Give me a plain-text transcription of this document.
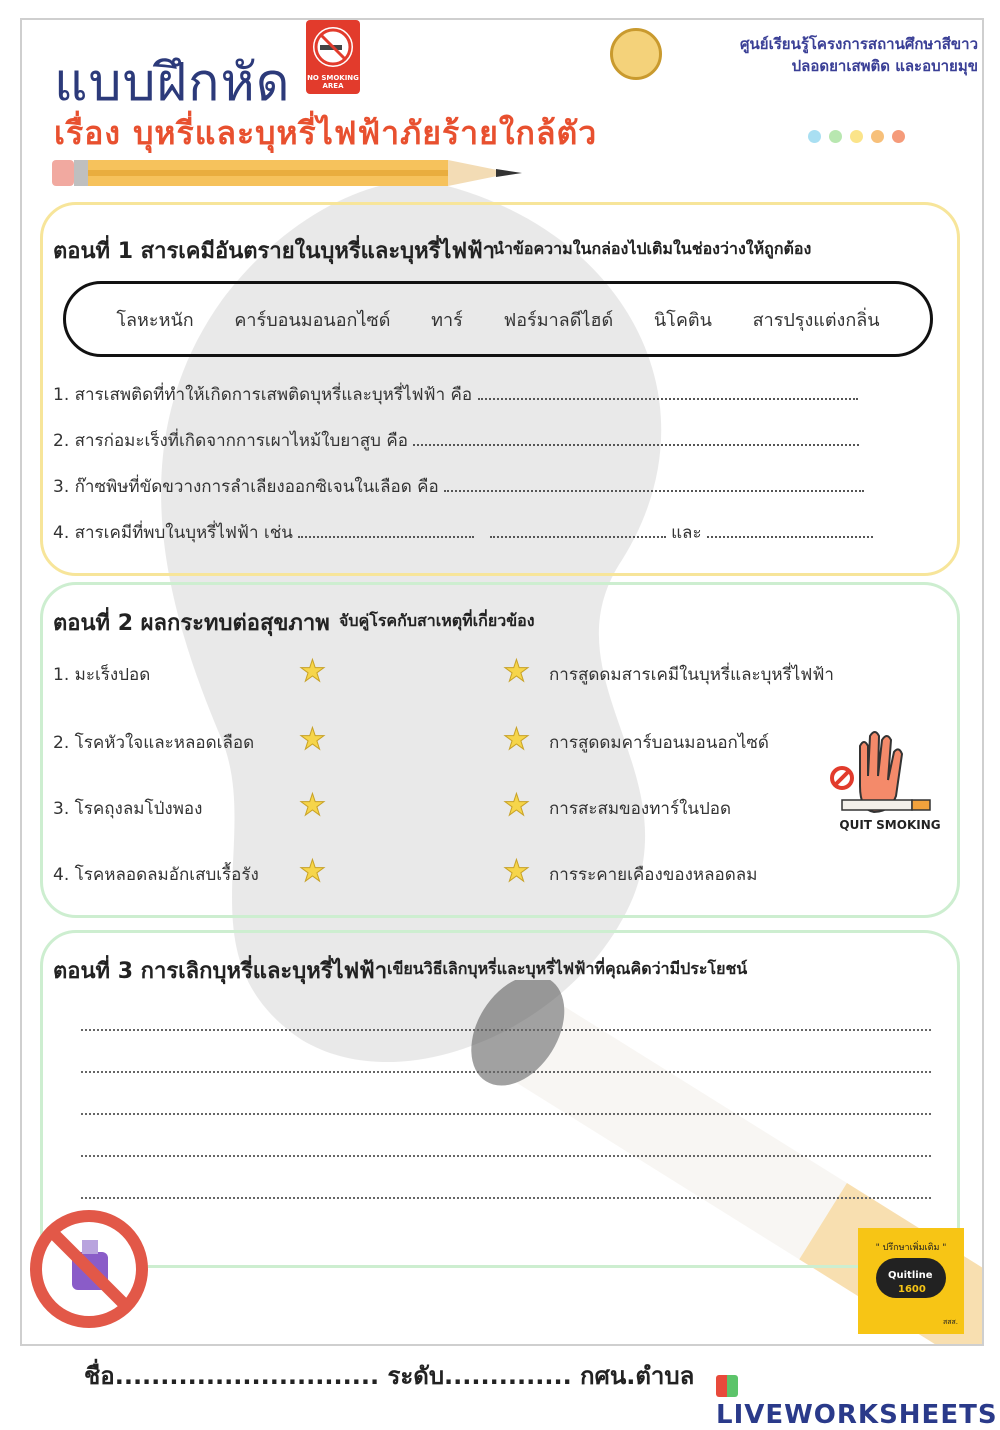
แบบฝึกหัด NO SMOKING AREA
ศูนย์เรียนรู้โครงการสถานศึกษาสีขาว
ปลอดยาเสพติด และอบายมุข
เรื่อง บุหรี่และบุหรี่ไฟฟ้าภัยร้ายใกล้ตัว
ตอนที่ 1 สารเคมีอันตรายในบุหรี่และบุหรี่ไฟฟ้า
นำข้อความในกล่องไปเติมในช่องว่างให้ถูกต้อง
โลหะหนัก คาร์บอนมอนอกไซด์ ทาร์ ฟอร์มาลดีไฮด์ นิโคติน สารปรุงแต่งกลิ่น
1. สารเสพติดที่ทำให้เกิดการเสพติดบุหรี่และบุหรี่ไฟฟ้า คือ
2. สารก่อมะเร็งที่เกิดจากการเผาไหม้ใบยาสูบ คือ
3. ก๊าซพิษที่ขัดขวางการลำเลียงออกซิเจนในเลือด คือ
4. สารเคมีที่พบในบุหรี่ไฟฟ้า เช่น	และ
ตอนที่ 2 ผลกระทบต่อสุขภาพ จับคู่โรคกับสาเหตุที่เกี่ยวข้อง
1. มะเร็งปอด
2. โรคหัวใจและหลอดเลือด
3. โรคถุงลมโป่งพอง
4. โรคหลอดลมอักเสบเรื้อรัง
★
★
★
★
★
★
★
★
การสูดดมสารเคมีในบุหรี่และบุหรี่ไฟฟ้า
การสูดดมคาร์บอนมอนอกไซด์
การสะสมของทาร์ในปอด
การระคายเคืองของหลอดลม
QUIT SMOKING
ตอนที่ 3 การเลิกบุหรี่และบุหรี่ไฟฟ้า เขียนวิธีเลิกบุหรี่และบุหรี่ไฟฟ้าที่คุณคิดว่ามีประโยชน์
" ปรึกษาเพิ่มเติม "
Quitline
1600
สสส.
ชื่อ............................. ระดับ.............. กศน.ตำบล
LIVEWORKSHEETS
